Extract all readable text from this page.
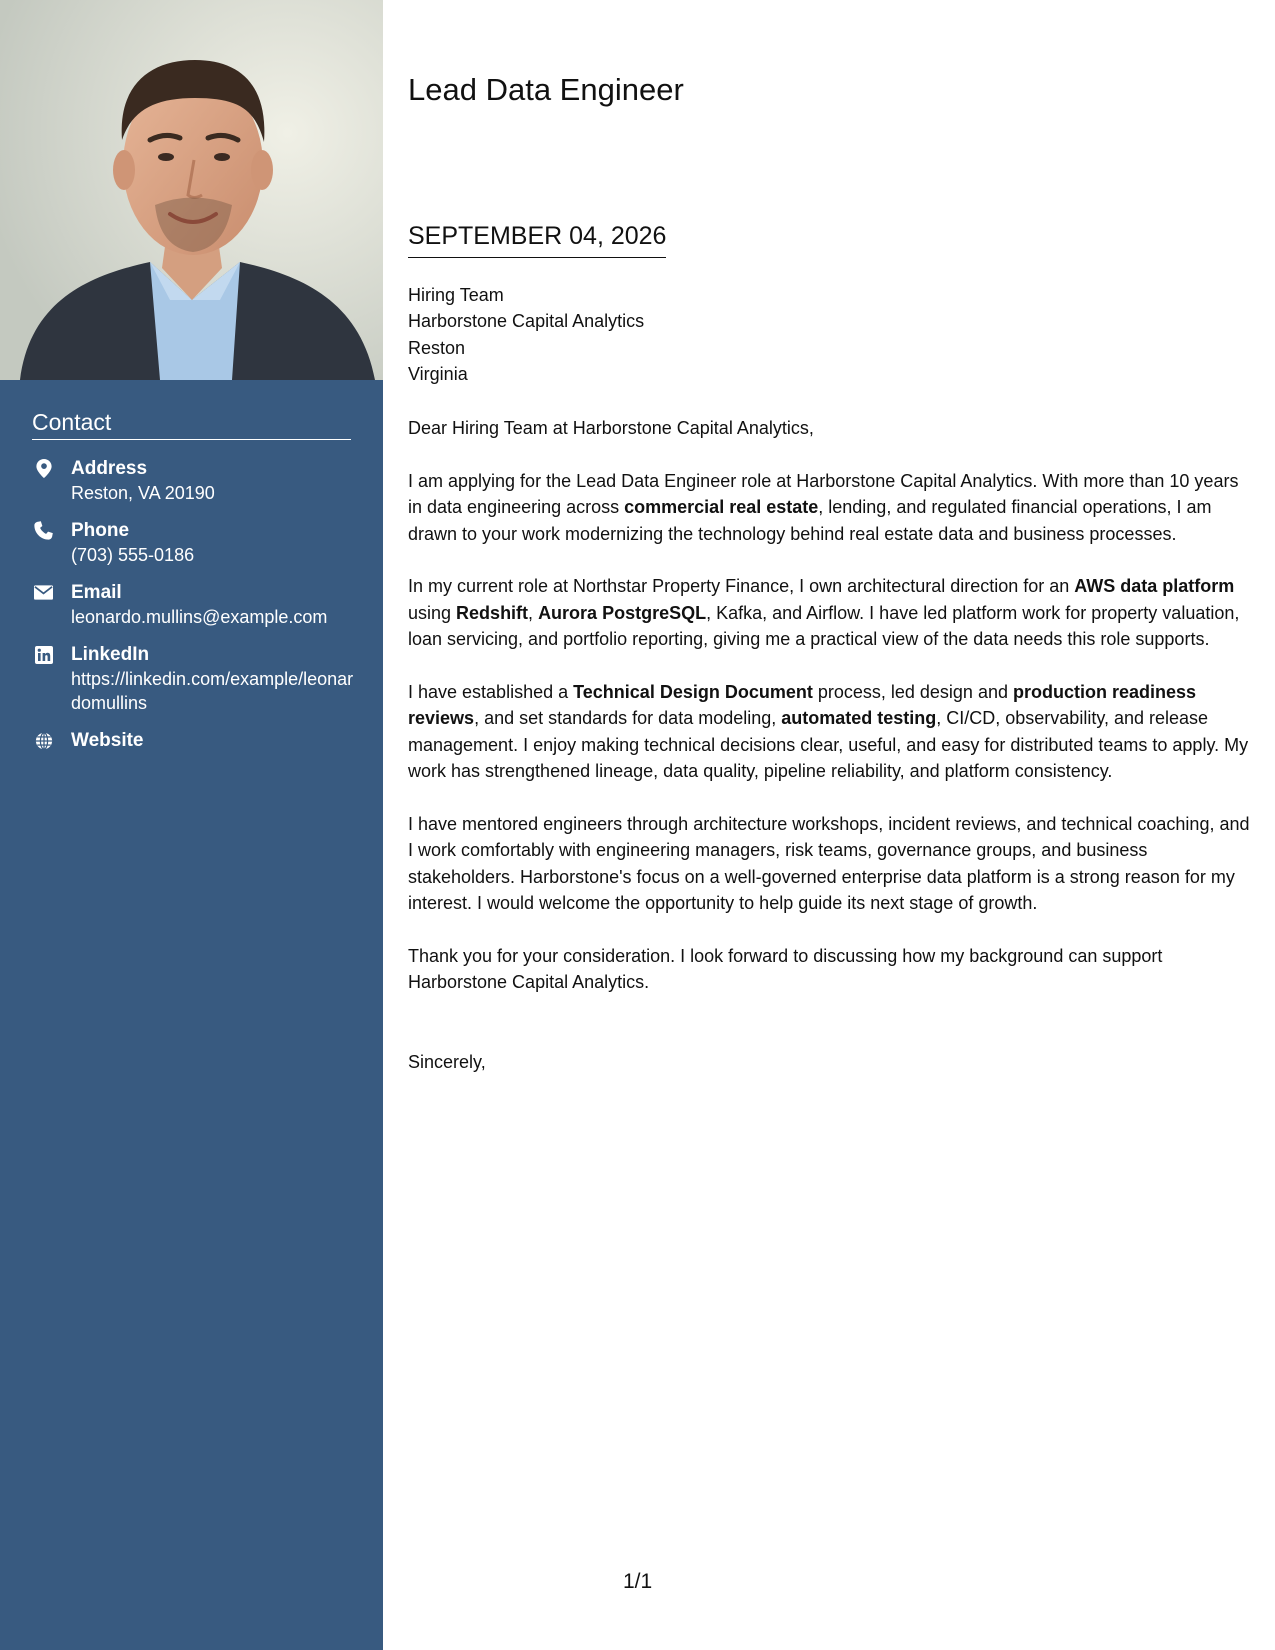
Contact
Address
Reston, VA 20190
Phone
(703) 555-0186
Email
leonardo.mullins@example.com
LinkedIn
https://linkedin.com/example/leonardomullins
Website
Lead Data Engineer
SEPTEMBER 04, 2026
Hiring Team
Harborstone Capital Analytics
Reston
Virginia

Dear Hiring Team at Harborstone Capital Analytics,

I am applying for the Lead Data Engineer role at Harborstone Capital Analytics. With more than 10 years in data engineering across commercial real estate, lending, and regulated financial operations, I am drawn to your work modernizing the technology behind real estate data and business processes.

In my current role at Northstar Property Finance, I own architectural direction for an AWS data platform using Redshift, Aurora PostgreSQL, Kafka, and Airflow. I have led platform work for property valuation, loan servicing, and portfolio reporting, giving me a practical view of the data needs this role supports.

I have established a Technical Design Document process, led design and production readiness reviews, and set standards for data modeling, automated testing, CI/CD, observability, and release management. I enjoy making technical decisions clear, useful, and easy for distributed teams to apply. My work has strengthened lineage, data quality, pipeline reliability, and platform consistency.

I have mentored engineers through architecture workshops, incident reviews, and technical coaching, and I work comfortably with engineering managers, risk teams, governance groups, and business stakeholders. Harborstone's focus on a well-governed enterprise data platform is a strong reason for my interest. I would welcome the opportunity to help guide its next stage of growth.

Thank you for your consideration. I look forward to discussing how my background can support Harborstone Capital Analytics.

Sincerely,

1/1
